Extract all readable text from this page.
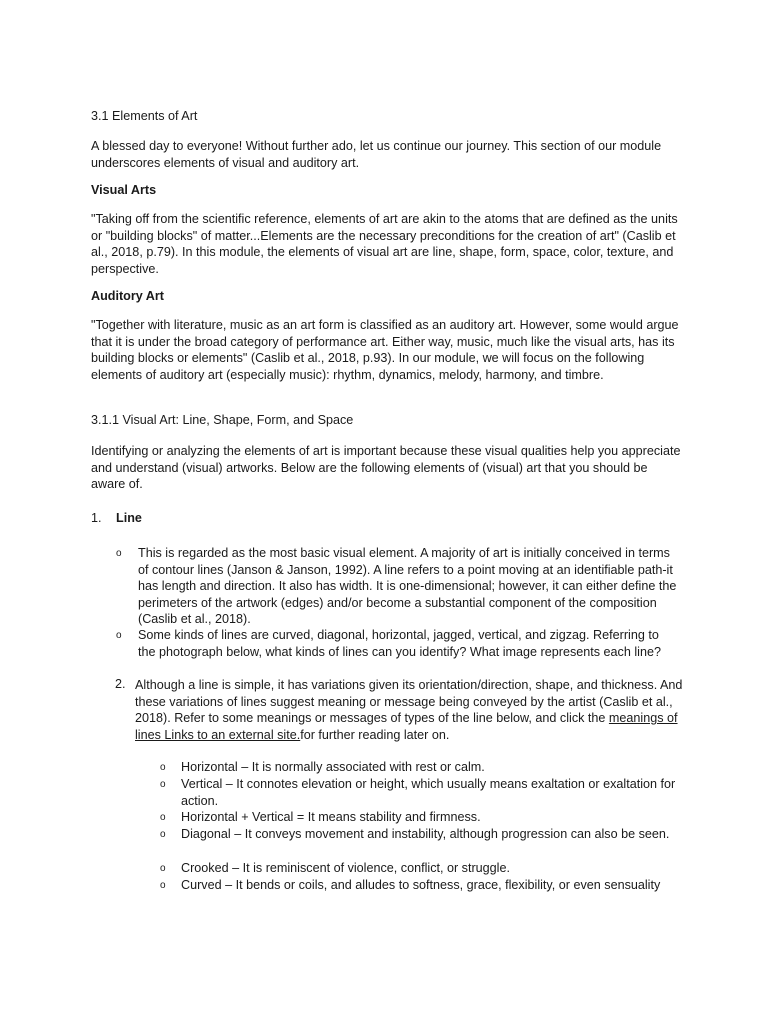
3.1 Elements of Art

A blessed day to everyone! Without further ado, let us continue our journey. This section of our module underscores elements of visual and auditory art.

Visual Arts

"Taking off from the scientific reference, elements of art are akin to the atoms that are defined as the units or "building blocks" of matter...Elements are the necessary preconditions for the creation of art" (Caslib et al., 2018, p.79). In this module, the elements of visual art are line, shape, form, space, color, texture, and perspective.

Auditory Art

"Together with literature, music as an art form is classified as an auditory art. However, some would argue that it is under the broad category of performance art. Either way, music, much like the visual arts, has its building blocks or elements" (Caslib et al., 2018, p.93). In our module, we will focus on the following elements of auditory art (especially music): rhythm, dynamics, melody, harmony, and timbre.

3.1.1 Visual Art: Line, Shape, Form, and Space

Identifying or analyzing the elements of art is important because these visual qualities help you appreciate and understand (visual) artworks. Below are the following elements of (visual) art that you should be aware of.

1. Line
o This is regarded as the most basic visual element. A majority of art is initially conceived in terms of contour lines (Janson & Janson, 1992). A line refers to a point moving at an identifiable path-it has length and direction. It also has width. It is one-dimensional; however, it can either define the perimeters of the artwork (edges) and/or become a substantial component of the composition (Caslib et al., 2018).

o Some kinds of lines are curved, diagonal, horizontal, jagged, vertical, and zigzag. Referring to the photograph below, what kinds of lines can you identify? What image represents each line?

2. Although a line is simple, it has variations given its orientation/direction, shape, and thickness. And these variations of lines suggest meaning or message being conveyed by the artist (Caslib et al., 2018). Refer to some meanings or messages of types of the line below, and click the meanings of lines Links to an external site.for further reading later on.

o Horizontal – It is normally associated with rest or calm.

o Vertical – It connotes elevation or height, which usually means exaltation or exaltation for action.

o Horizontal + Vertical = It means stability and firmness.

o Diagonal – It conveys movement and instability, although progression can also be seen.

o Crooked – It is reminiscent of violence, conflict, or struggle.

o Curved – It bends or coils, and alludes to softness, grace, flexibility, or even sensuality
